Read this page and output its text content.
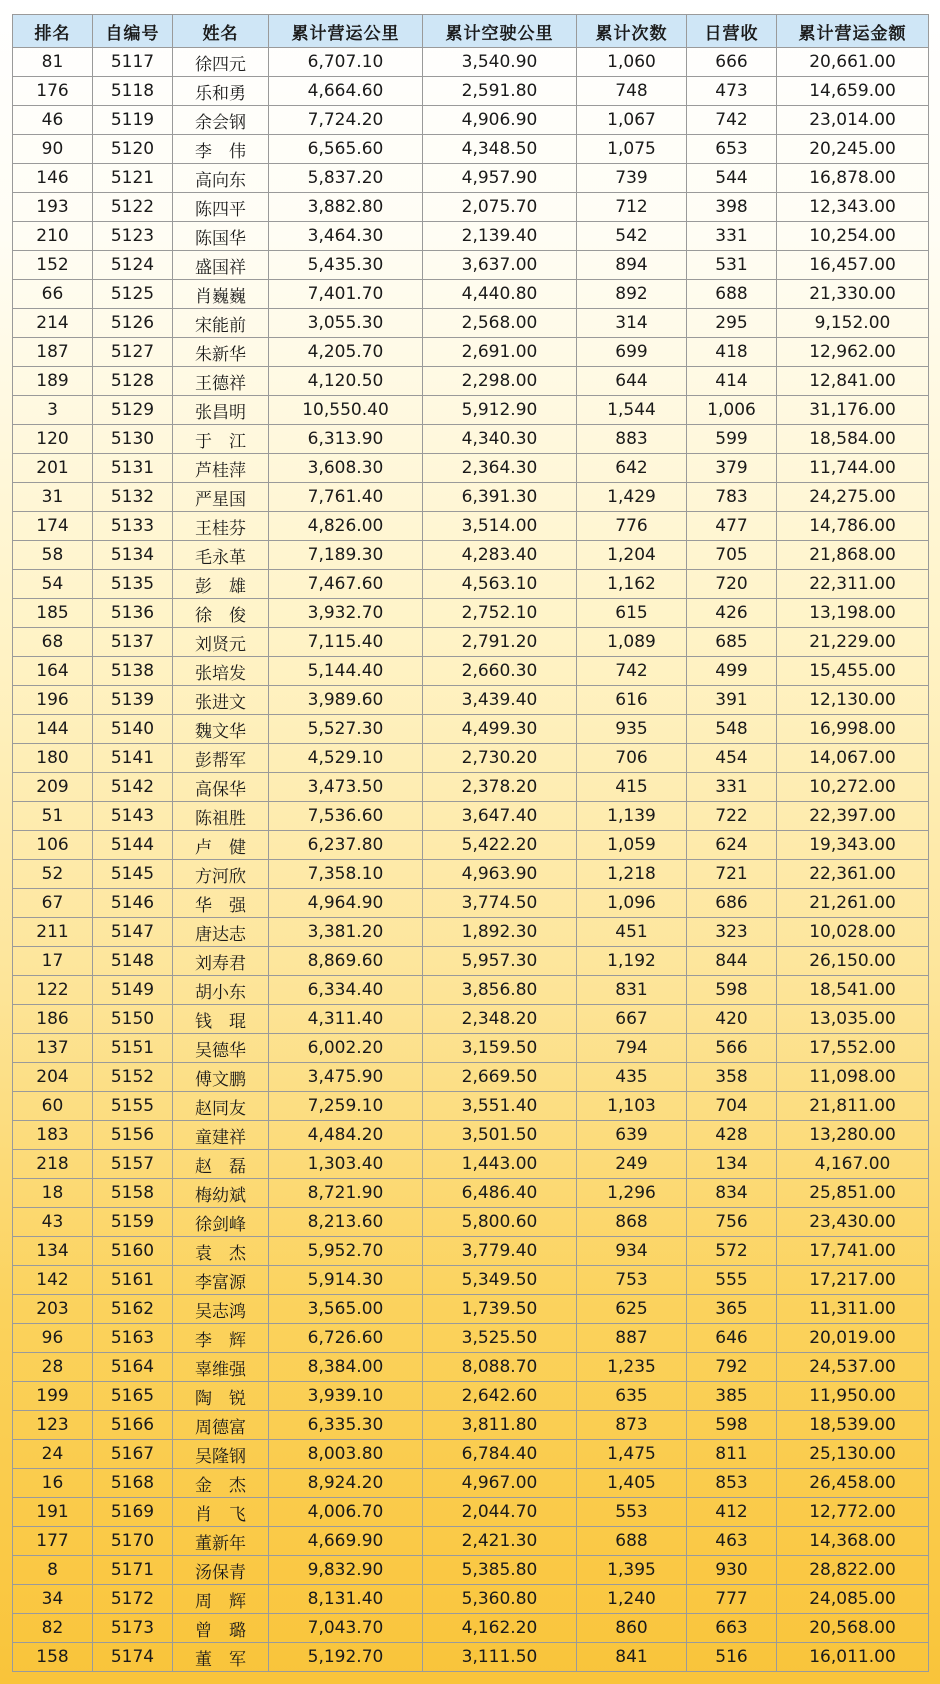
排名	自编号	姓名	累计营运公里	累计空驶公里	累计次数	日营收	累计营运金额
81	5117	徐四元	6,707.10	3,540.90	1,060	666	20,661.00
176	5118	乐和勇	4,664.60	2,591.80	748	473	14,659.00
46	5119	余会钢	7,724.20	4,906.90	1,067	742	23,014.00
90	5120	李　伟	6,565.60	4,348.50	1,075	653	20,245.00
146	5121	高向东	5,837.20	4,957.90	739	544	16,878.00
193	5122	陈四平	3,882.80	2,075.70	712	398	12,343.00
210	5123	陈国华	3,464.30	2,139.40	542	331	10,254.00
152	5124	盛国祥	5,435.30	3,637.00	894	531	16,457.00
66	5125	肖巍巍	7,401.70	4,440.80	892	688	21,330.00
214	5126	宋能前	3,055.30	2,568.00	314	295	9,152.00
187	5127	朱新华	4,205.70	2,691.00	699	418	12,962.00
189	5128	王德祥	4,120.50	2,298.00	644	414	12,841.00
3	5129	张昌明	10,550.40	5,912.90	1,544	1,006	31,176.00
120	5130	于　江	6,313.90	4,340.30	883	599	18,584.00
201	5131	芦桂萍	3,608.30	2,364.30	642	379	11,744.00
31	5132	严星国	7,761.40	6,391.30	1,429	783	24,275.00
174	5133	王桂芬	4,826.00	3,514.00	776	477	14,786.00
58	5134	毛永革	7,189.30	4,283.40	1,204	705	21,868.00
54	5135	彭　雄	7,467.60	4,563.10	1,162	720	22,311.00
185	5136	徐　俊	3,932.70	2,752.10	615	426	13,198.00
68	5137	刘贤元	7,115.40	2,791.20	1,089	685	21,229.00
164	5138	张培发	5,144.40	2,660.30	742	499	15,455.00
196	5139	张进文	3,989.60	3,439.40	616	391	12,130.00
144	5140	魏文华	5,527.30	4,499.30	935	548	16,998.00
180	5141	彭帮军	4,529.10	2,730.20	706	454	14,067.00
209	5142	高保华	3,473.50	2,378.20	415	331	10,272.00
51	5143	陈祖胜	7,536.60	3,647.40	1,139	722	22,397.00
106	5144	卢　健	6,237.80	5,422.20	1,059	624	19,343.00
52	5145	方河欣	7,358.10	4,963.90	1,218	721	22,361.00
67	5146	华　强	4,964.90	3,774.50	1,096	686	21,261.00
211	5147	唐达志	3,381.20	1,892.30	451	323	10,028.00
17	5148	刘寿君	8,869.60	5,957.30	1,192	844	26,150.00
122	5149	胡小东	6,334.40	3,856.80	831	598	18,541.00
186	5150	钱　琨	4,311.40	2,348.20	667	420	13,035.00
137	5151	吴德华	6,002.20	3,159.50	794	566	17,552.00
204	5152	傅文鹏	3,475.90	2,669.50	435	358	11,098.00
60	5155	赵同友	7,259.10	3,551.40	1,103	704	21,811.00
183	5156	童建祥	4,484.20	3,501.50	639	428	13,280.00
218	5157	赵　磊	1,303.40	1,443.00	249	134	4,167.00
18	5158	梅幼斌	8,721.90	6,486.40	1,296	834	25,851.00
43	5159	徐剑峰	8,213.60	5,800.60	868	756	23,430.00
134	5160	袁　杰	5,952.70	3,779.40	934	572	17,741.00
142	5161	李富源	5,914.30	5,349.50	753	555	17,217.00
203	5162	吴志鸿	3,565.00	1,739.50	625	365	11,311.00
96	5163	李　辉	6,726.60	3,525.50	887	646	20,019.00
28	5164	辜维强	8,384.00	8,088.70	1,235	792	24,537.00
199	5165	陶　锐	3,939.10	2,642.60	635	385	11,950.00
123	5166	周德富	6,335.30	3,811.80	873	598	18,539.00
24	5167	吴隆钢	8,003.80	6,784.40	1,475	811	25,130.00
16	5168	金　杰	8,924.20	4,967.00	1,405	853	26,458.00
191	5169	肖　飞	4,006.70	2,044.70	553	412	12,772.00
177	5170	董新年	4,669.90	2,421.30	688	463	14,368.00
8	5171	汤保青	9,832.90	5,385.80	1,395	930	28,822.00
34	5172	周　辉	8,131.40	5,360.80	1,240	777	24,085.00
82	5173	曾　璐	7,043.70	4,162.20	860	663	20,568.00
158	5174	董　军	5,192.70	3,111.50	841	516	16,011.00
